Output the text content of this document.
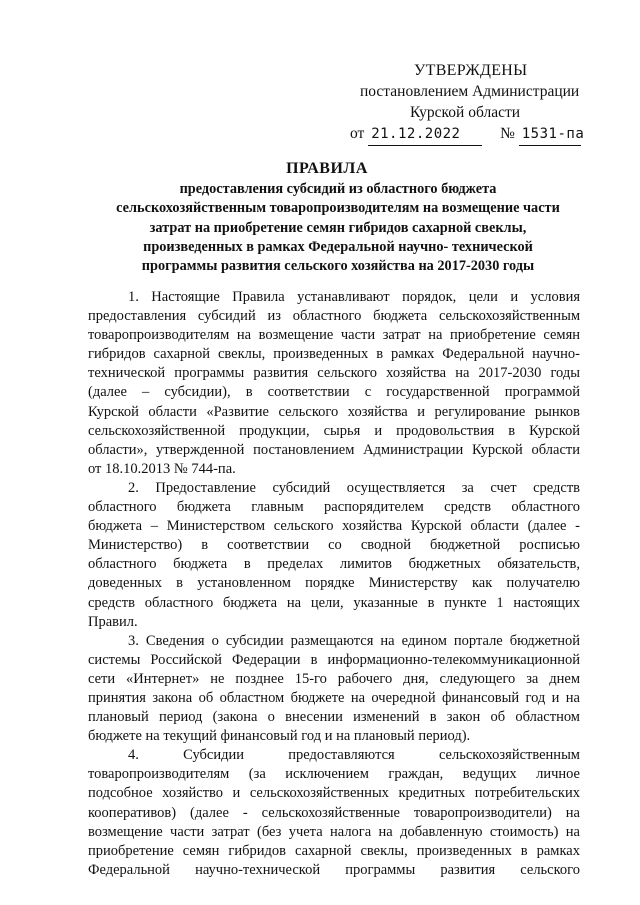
УТВЕРЖДЕНЫ
постановлением Администрации
Курской области
от 21.12.2022	№ 1531-па
ПРАВИЛА
предоставления субсидий из областного бюджета
сельскохозяйственным товаропроизводителям на возмещение части
затрат на приобретение семян гибридов сахарной свеклы,
произведенных в рамках Федеральной научно- технической
программы развития сельского хозяйства на 2017-2030 годы
1. Настоящие Правила устанавливают порядок, цели и условия
предоставления субсидий из областного бюджета сельскохозяйственным
товаропроизводителям на возмещение части затрат на приобретение семян
гибридов сахарной свеклы, произведенных в рамках Федеральной научно-
технической программы развития сельского хозяйства на 2017-2030 годы
(далее – субсидии), в соответствии с государственной программой
Курской области «Развитие сельского хозяйства и регулирование рынков
сельскохозяйственной продукции, сырья и продовольствия в Курской
области», утвержденной постановлением Администрации Курской области
от 18.10.2013 № 744-па.
2. Предоставление субсидий осуществляется за счет средств
областного бюджета главным распорядителем средств областного
бюджета – Министерством сельского хозяйства Курской области (далее -
Министерство) в соответствии со сводной бюджетной росписью
областного бюджета в пределах лимитов бюджетных обязательств,
доведенных в установленном порядке Министерству как получателю
средств областного бюджета на цели, указанные в пункте 1 настоящих
Правил.
3. Сведения о субсидии размещаются на едином портале бюджетной
системы Российской Федерации в информационно-телекоммуникационной
сети «Интернет» не позднее 15-го рабочего дня, следующего за днем
принятия закона об областном бюджете на очередной финансовый год и на
плановый период (закона о внесении изменений в закон об областном
бюджете на текущий финансовый год и на плановый период).
4. Субсидии предоставляются сельскохозяйственным
товаропроизводителям (за исключением граждан, ведущих личное
подсобное хозяйство и сельскохозяйственных кредитных потребительских
кооперативов) (далее - сельскохозяйственные товаропроизводители) на
возмещение части затрат (без учета налога на добавленную стоимость) на
приобретение семян гибридов сахарной свеклы, произведенных в рамках
Федеральной научно-технической программы развития сельского
